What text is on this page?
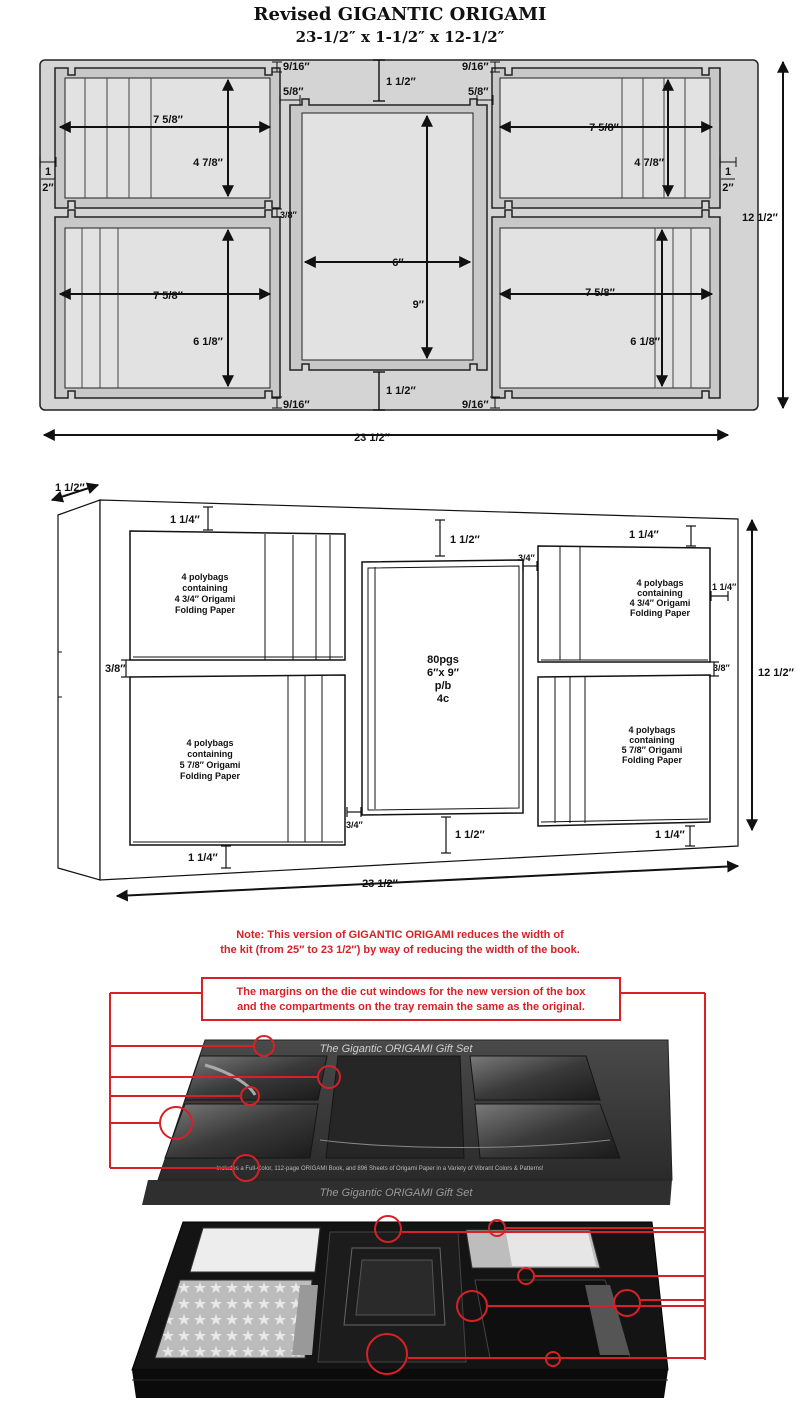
Revised GIGANTIC ORIGAMI
23-1/2″ x 1-1/2″ x 12-1/2″
9/16″	9/16″
9/16″	9/16″
1 1/2″
1 1/2″
5/8″	5/8″
3/8″
1
2″
1
2″
7 5/8″
4 7/8″
7 5/8″
6 1/8″
6″
9″
7 5/8″
4 7/8″
7 5/8″
6 1/8″
23 1/2″
12 1/2″
1 1/2″
23 1/2″
12 1/2″
1 1/4″
1 1/2″	1 1/4″
1 1/4″
1 1/2″	1 1/4″
3/8″	3/8″
3/4″
3/4″
1 1/4″
4 polybags
containing
4 3/4″ Origami
Folding Paper
4 polybags
containing
5 7/8″ Origami
Folding Paper
80pgs
6″x 9″
p/b
4c
4 polybags
containing
4 3/4″ Origami
Folding Paper
4 polybags
containing
5 7/8″ Origami
Folding Paper
Note: This version of GIGANTIC ORIGAMI reduces the width of
the kit (from 25″ to 23 1/2″) by way of reducing the width of the book.
The margins on the die cut windows for the new version of the box
and the compartments on the tray remain the same as the original.
The Gigantic ORIGAMI Gift Set
The Gigantic ORIGAMI Gift Set
Includes a Full-Color, 112-page ORIGAMI Book, and 896 Sheets of Origami Paper in a Variety of Vibrant Colors & Patterns!
